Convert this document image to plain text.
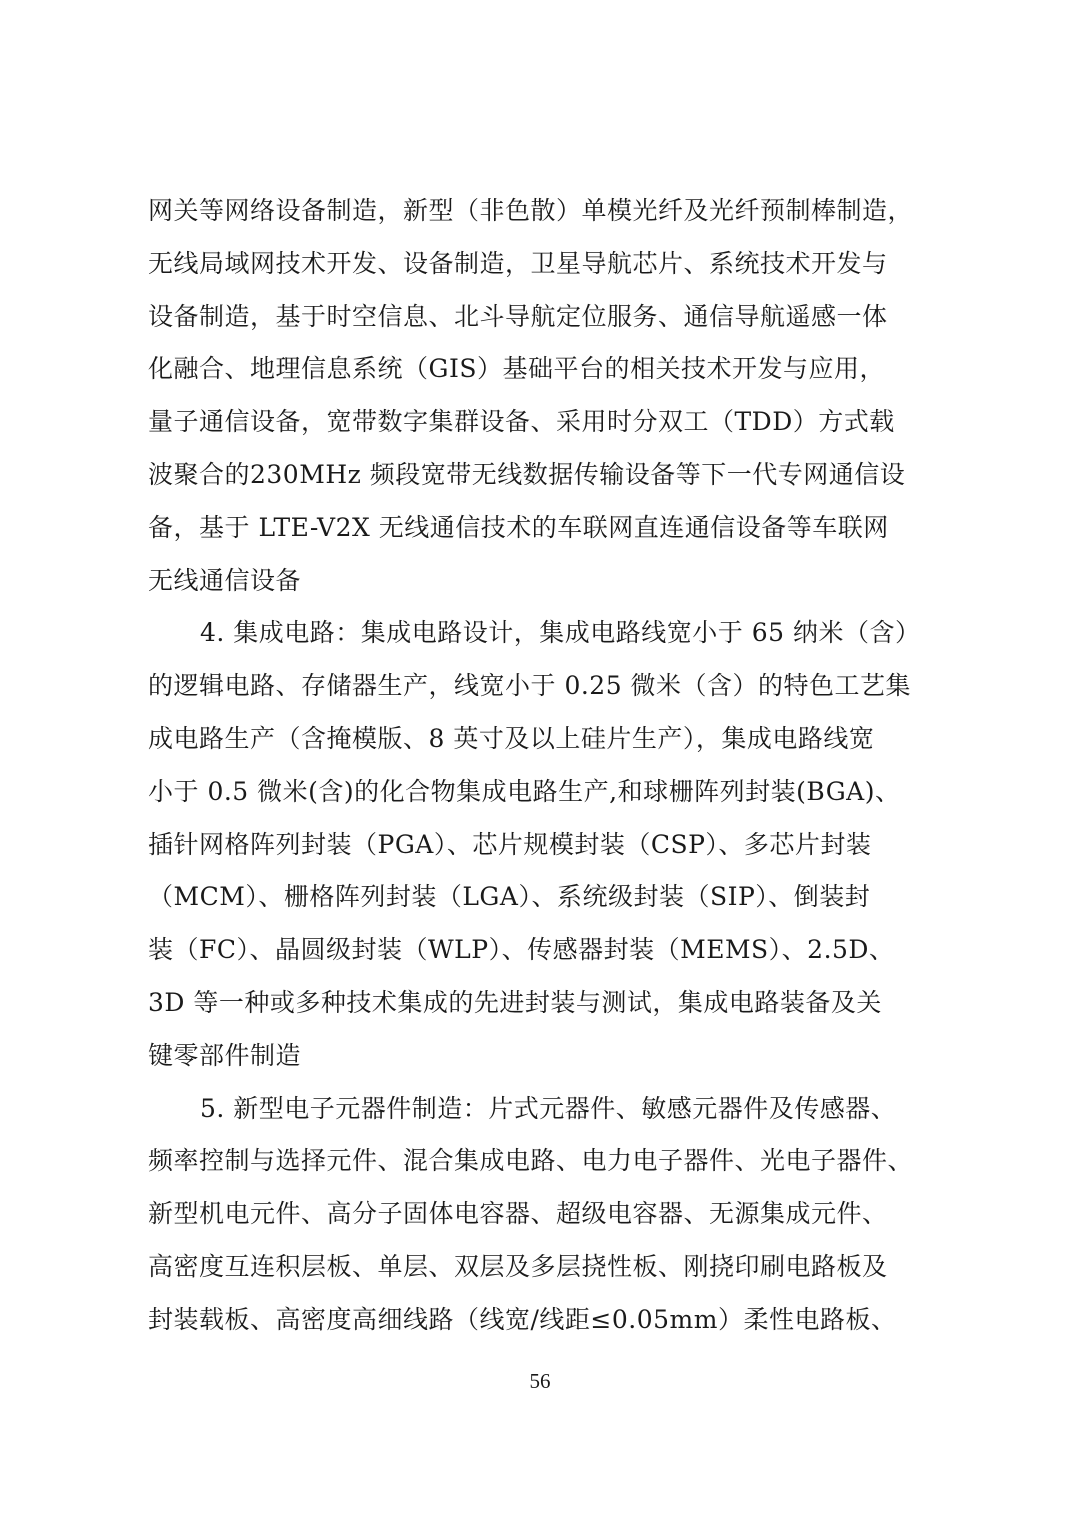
网关等网络设备制造，新型（非色散）单模光纤及光纤预制棒制造，
无线局域网技术开发、设备制造，卫星导航芯片、系统技术开发与
设备制造，基于时空信息、北斗导航定位服务、通信导航遥感一体
化融合、地理信息系统（GIS）基础平台的相关技术开发与应用，
量子通信设备，宽带数字集群设备、采用时分双工（TDD）方式载
波聚合的230MHz 频段宽带无线数据传输设备等下一代专网通信设
备，基于 LTE-V2X 无线通信技术的车联网直连通信设备等车联网
无线通信设备
4. 集成电路：集成电路设计，集成电路线宽小于 65 纳米（含）
的逻辑电路、存储器生产，线宽小于 0.25 微米（含）的特色工艺集
成电路生产（含掩模版、8 英寸及以上硅片生产），集成电路线宽
小于 0.5 微米(含)的化合物集成电路生产,和球栅阵列封装(BGA)、
插针网格阵列封装（PGA）、芯片规模封装（CSP）、多芯片封装
（MCM）、栅格阵列封装（LGA）、系统级封装（SIP）、倒装封
装（FC）、晶圆级封装（WLP）、传感器封装（MEMS）、2.5D、
3D 等一种或多种技术集成的先进封装与测试，集成电路装备及关
键零部件制造
5. 新型电子元器件制造：片式元器件、敏感元器件及传感器、
频率控制与选择元件、混合集成电路、电力电子器件、光电子器件、
新型机电元件、高分子固体电容器、超级电容器、无源集成元件、
高密度互连积层板、单层、双层及多层挠性板、刚挠印刷电路板及
封装载板、高密度高细线路（线宽/线距≤0.05mm）柔性电路板、
56
